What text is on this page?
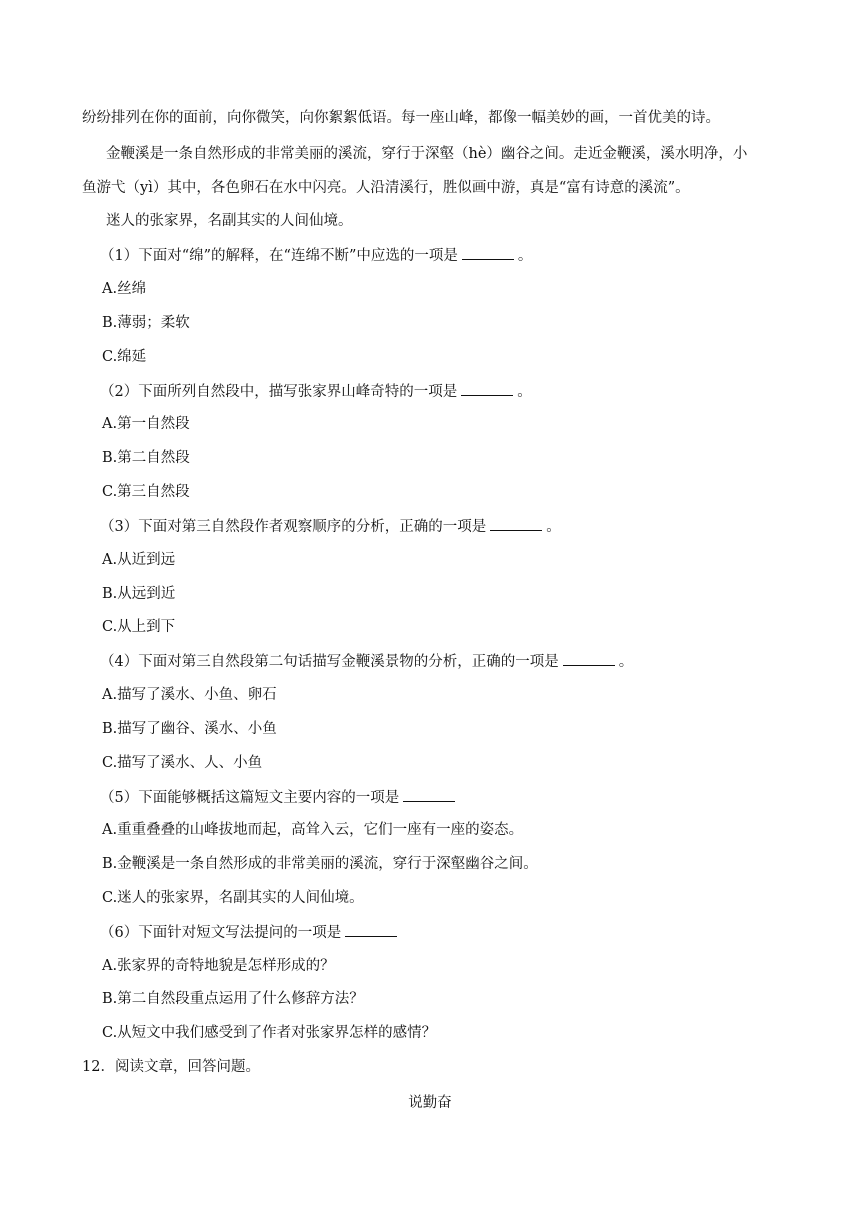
纷纷排列在你的面前，向你微笑，向你絮絮低语。每一座山峰，都像一幅美妙的画，一首优美的诗。
金鞭溪是一条自然形成的非常美丽的溪流，穿行于深壑（hè）幽谷之间。走近金鞭溪，溪水明净，小
鱼游弋（yì）其中，各色卵石在水中闪亮。人沿清溪行，胜似画中游，真是“富有诗意的溪流”。
迷人的张家界，名副其实的人间仙境。
（1）下面对“绵”的解释，在“连绵不断”中应选的一项是	。
A.丝绵
B.薄弱；柔软
C.绵延
（2）下面所列自然段中，描写张家界山峰奇特的一项是	。
A.第一自然段
B.第二自然段
C.第三自然段
（3）下面对第三自然段作者观察顺序的分析，正确的一项是	。
A.从近到远
B.从远到近
C.从上到下
（4）下面对第三自然段第二句话描写金鞭溪景物的分析，正确的一项是	。
A.描写了溪水、小鱼、卵石
B.描写了幽谷、溪水、小鱼
C.描写了溪水、人、小鱼
（5）下面能够概括这篇短文主要内容的一项是
A.重重叠叠的山峰拔地而起，高耸入云，它们一座有一座的姿态。
B.金鞭溪是一条自然形成的非常美丽的溪流，穿行于深壑幽谷之间。
C.迷人的张家界，名副其实的人间仙境。
（6）下面针对短文写法提问的一项是
A.张家界的奇特地貌是怎样形成的？
B.第二自然段重点运用了什么修辞方法？
C.从短文中我们感受到了作者对张家界怎样的感情？
12．阅读文章，回答问题。
说勤奋
